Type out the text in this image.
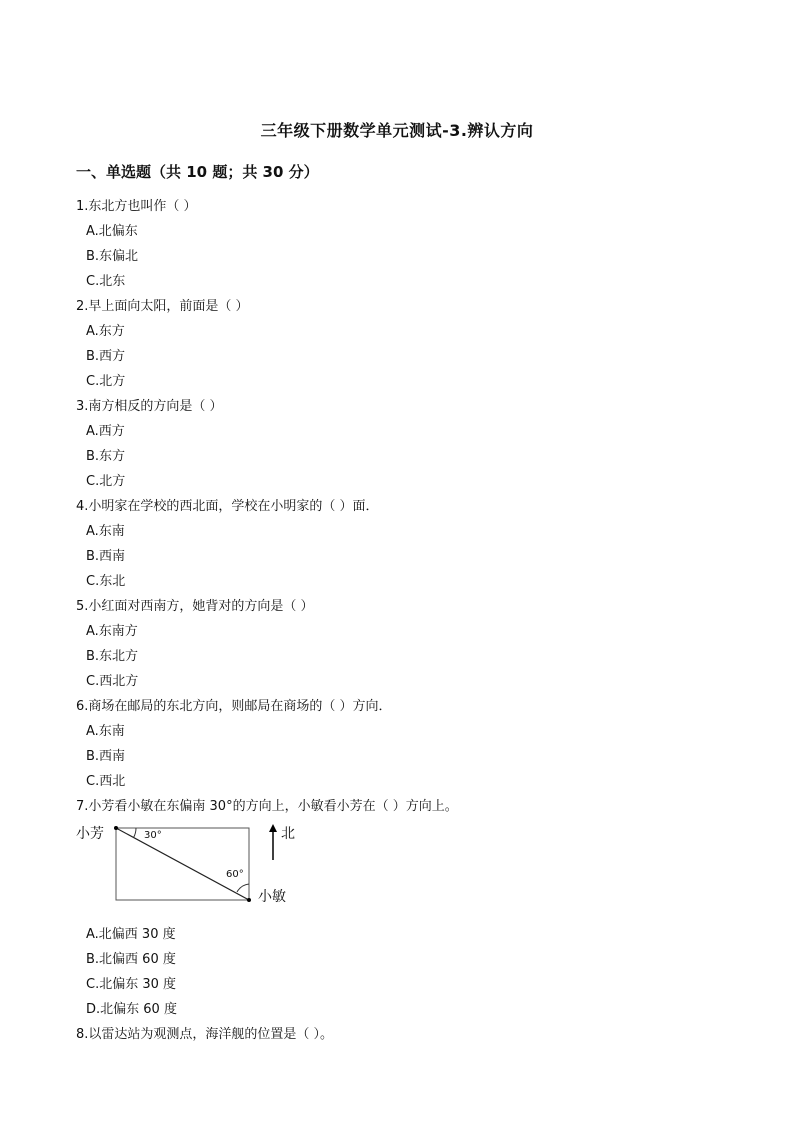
三年级下册数学单元测试-3.辨认方向
一、单选题（共 10 题；共 30 分）
1.东北方也叫作（ ）
A.北偏东
B.东偏北
C.北东
2.早上面向太阳，前面是（ ）
A.东方
B.西方
C.北方
3.南方相反的方向是（ ）
A.西方
B.东方
C.北方
4.小明家在学校的西北面，学校在小明家的（ ）面．
A.东南
B.西南
C.东北
5.小红面对西南方，她背对的方向是（ ）
A.东南方
B.东北方
C.西北方
6.商场在邮局的东北方向，则邮局在商场的（ ）方向．
A.东南
B.西南
C.西北
7.小芳看小敏在东偏南 30°的方向上，小敏看小芳在（ ）方向上。
小芳	30°
60°
北
小敏
A.北偏西 30 度
B.北偏西 60 度
C.北偏东 30 度
D.北偏东 60 度
8.以雷达站为观测点，海洋舰的位置是（ ）。
